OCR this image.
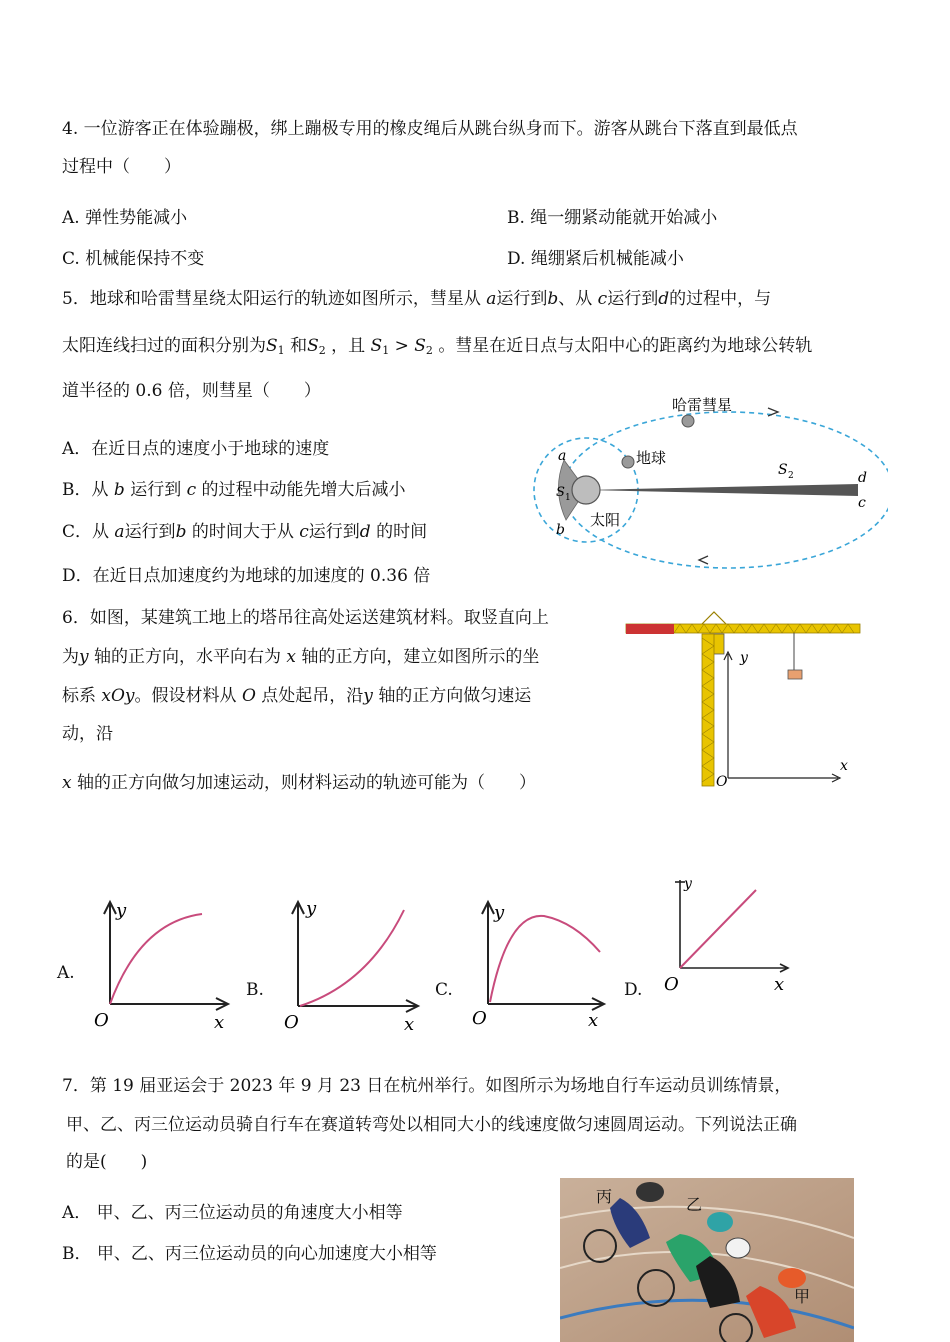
4. 一位游客正在体验蹦极，绑上蹦极专用的橡皮绳后从跳台纵身而下。游客从跳台下落直到最低点
过程中（　　）
A. 弹性势能减小	B. 绳一绷紧动能就开始减小
C. 机械能保持不变	D. 绳绷紧后机械能减小
5．地球和哈雷彗星绕太阳运行的轨迹如图所示，彗星从 a运行到b、从 c运行到d的过程中，与
太阳连线扫过的面积分别为$S_1$ 和$S_2$ ，且 $S_1 > S_2$ 。彗星在近日点与太阳中心的距离约为地球公转轨
道半径的 0.6 倍，则彗星（　　）
A．在近日点的速度小于地球的速度
B．从 b 运行到 c 的过程中动能先增大后减小
C．从 a运行到b 的时间大于从 c运行到d 的时间
D．在近日点加速度约为地球的加速度的 0.36 倍
哈雷彗星
地球
太阳
a
b
d
c
S 1
S 2
6．如图，某建筑工地上的塔吊往高处运送建筑材料。取竖直向上
为y 轴的正方向，水平向右为 x 轴的正方向，建立如图所示的坐
标系 xOy。假设材料从 O 点处起吊，沿y 轴的正方向做匀速运
动，沿
x 轴的正方向做匀加速运动，则材料运动的轨迹可能为（　　）
y
x
O
A.
y
x
O
B.
y
x
O
C.
y
x
O
D.
y
x
O
7．第 19 届亚运会于 2023 年 9 月 23 日在杭州举行。如图所示为场地自行车运动员训练情景，
甲、乙、丙三位运动员骑自行车在赛道转弯处以相同大小的线速度做匀速圆周运动。下列说法正确
的是(　　)
A． 甲、乙、丙三位运动员的角速度大小相等
B． 甲、乙、丙三位运动员的向心加速度大小相等
丙	乙
甲
